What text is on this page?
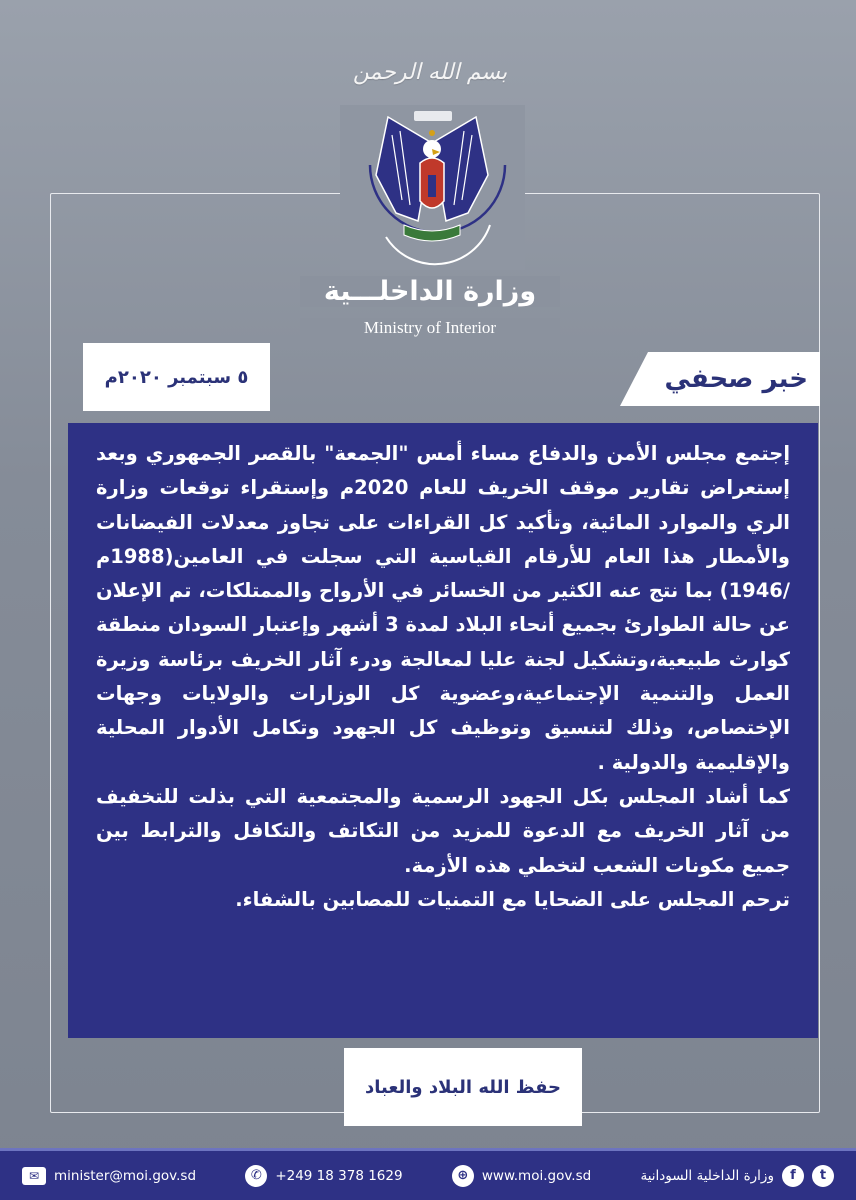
بسم الله الرحمن
وزارة الداخلـــية
Ministry of Interior
٥ سبتمبر ٢٠٢٠م	خبر صحفي

إجتمع مجلس الأمن والدفاع مساء أمس "الجمعة" بالقصر الجمهوري وبعد إستعراض تقارير موقف الخريف للعام 2020م وإستقراء توقعات وزارة الري والموارد المائية، وتأكيد كل القراءات على تجاوز معدلات الفيضانات والأمطار هذا العام للأرقام القياسية التي سجلت في العامين(1988م /1946) بما نتج عنه الكثير من الخسائر في الأرواح والممتلكات، تم الإعلان عن حالة الطوارئ بجميع أنحاء البلاد لمدة 3 أشهر وإعتبار السودان منطقة كوارث طبيعية،وتشكيل لجنة عليا لمعالجة ودرء آثار الخريف برئاسة وزيرة العمل والتنمية الإجتماعية،وعضوية كل الوزارات والولايات وجهات الإختصاص، وذلك لتنسيق وتوظيف كل الجهود وتكامل الأدوار المحلية والإقليمية والدولية .

كما أشاد المجلس بكل الجهود الرسمية والمجتمعية التي بذلت للتخفيف من آثار الخريف مع الدعوة للمزيد من التكاتف والتكافل والترابط بين جميع مكونات الشعب لتخطي هذه الأزمة.

ترحم المجلس على الضحايا مع التمنيات للمصابين بالشفاء.

حفظ الله البلاد والعباد
✉	minister@moi.gov.sd	✆	+249 18 378 1629	⊕	www.moi.gov.sd	وزارة الداخلية السودانية	f	t
